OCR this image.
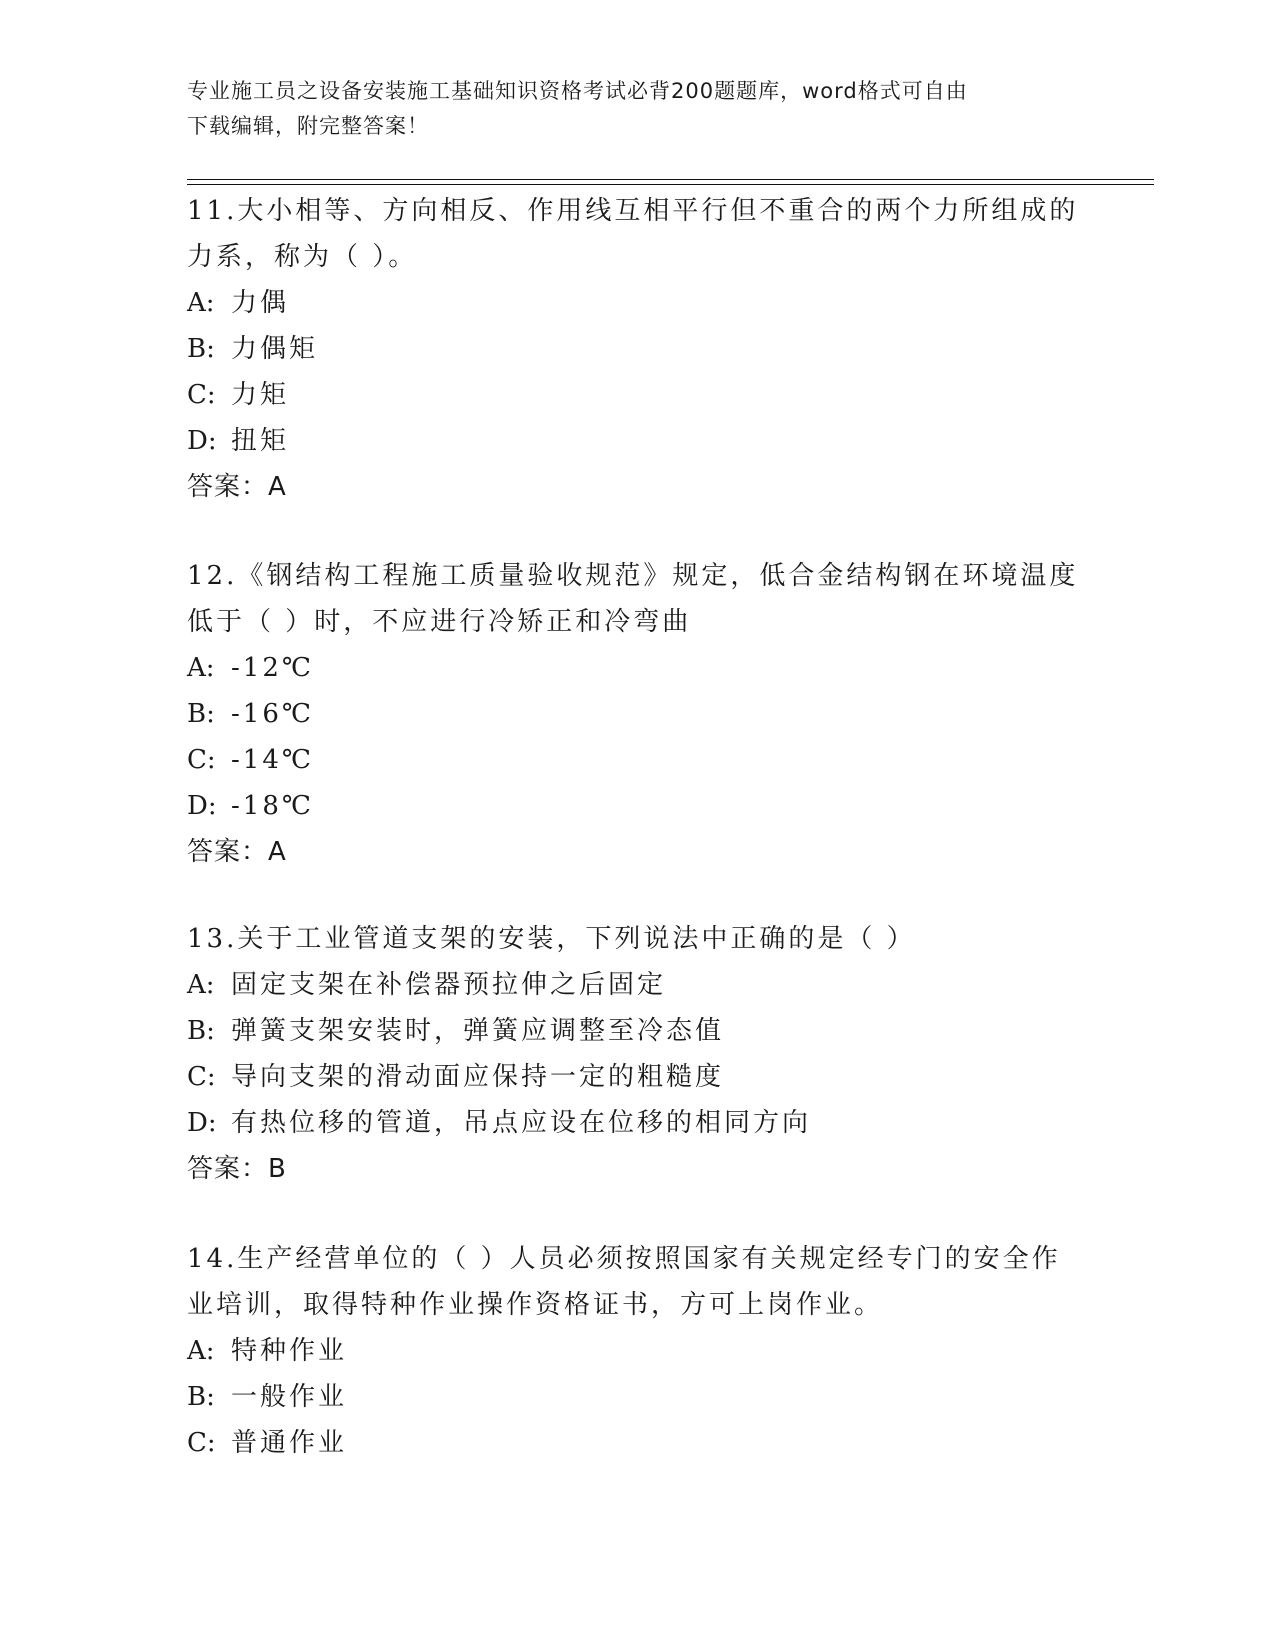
专业施工员之设备安装施工基础知识资格考试必背200题题库，word格式可自由
下载编辑，附完整答案！
11.大小相等、方向相反、作用线互相平行但不重合的两个力所组成的
力系，称为（ ）。
A: 力偶
B: 力偶矩
C: 力矩
D: 扭矩
答案：A
12.《钢结构工程施工质量验收规范》规定，低合金结构钢在环境温度
低于（ ）时，不应进行冷矫正和冷弯曲
A: -12℃
B: -16℃
C: -14℃
D: -18℃
答案：A
13.关于工业管道支架的安装，下列说法中正确的是（ ）
A: 固定支架在补偿器预拉伸之后固定
B: 弹簧支架安装时，弹簧应调整至冷态值
C: 导向支架的滑动面应保持一定的粗糙度
D: 有热位移的管道，吊点应设在位移的相同方向
答案：B
14.生产经营单位的（ ）人员必须按照国家有关规定经专门的安全作
业培训，取得特种作业操作资格证书，方可上岗作业。
A: 特种作业
B: 一般作业
C: 普通作业
